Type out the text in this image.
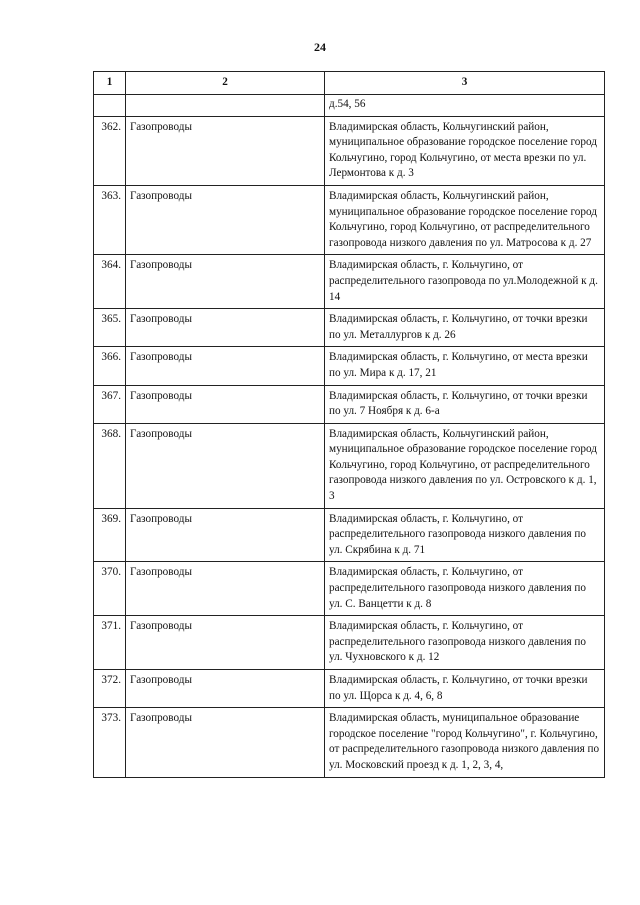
24
1	2	3
		д.54, 56
362.	Газопроводы	Владимирская область, Кольчугинский район, муниципальное образование городское поселение город Кольчугино, город Кольчугино, от места врезки по ул. Лермонтова к д. 3
363.	Газопроводы	Владимирская область, Кольчугинский район, муниципальное образование городское поселение город Кольчугино, город Кольчугино, от распределительного газопровода низкого давления по ул. Матросова к д. 27
364.	Газопроводы	Владимирская область, г. Кольчугино, от распределительного газопровода по ул.Молодежной к д. 14
365.	Газопроводы	Владимирская область, г. Кольчугино, от точки врезки по ул. Металлургов к д. 26
366.	Газопроводы	Владимирская область, г. Кольчугино, от места врезки по ул. Мира к д. 17, 21
367.	Газопроводы	Владимирская область, г. Кольчугино, от точки врезки по ул. 7 Ноября к д. 6-а
368.	Газопроводы	Владимирская область, Кольчугинский район, муниципальное образование городское поселение город Кольчугино, город Кольчугино, от распределительного газопровода низкого давления по ул. Островского к д. 1, 3
369.	Газопроводы	Владимирская область, г. Кольчугино, от распределительного газопровода низкого давления по ул. Скрябина к д. 71
370.	Газопроводы	Владимирская область, г. Кольчугино, от распределительного газопровода низкого давления по ул. С. Ванцетти к д. 8
371.	Газопроводы	Владимирская область, г. Кольчугино, от распределительного газопровода низкого давления по ул. Чухновского к д. 12
372.	Газопроводы	Владимирская область, г. Кольчугино, от точки врезки по ул. Щорса к д. 4, 6, 8
373.	Газопроводы	Владимирская область, муниципальное образование городское поселение "город Кольчугино", г. Кольчугино, от распределительного газопровода низкого давления по ул. Московский проезд к д. 1, 2, 3, 4,
